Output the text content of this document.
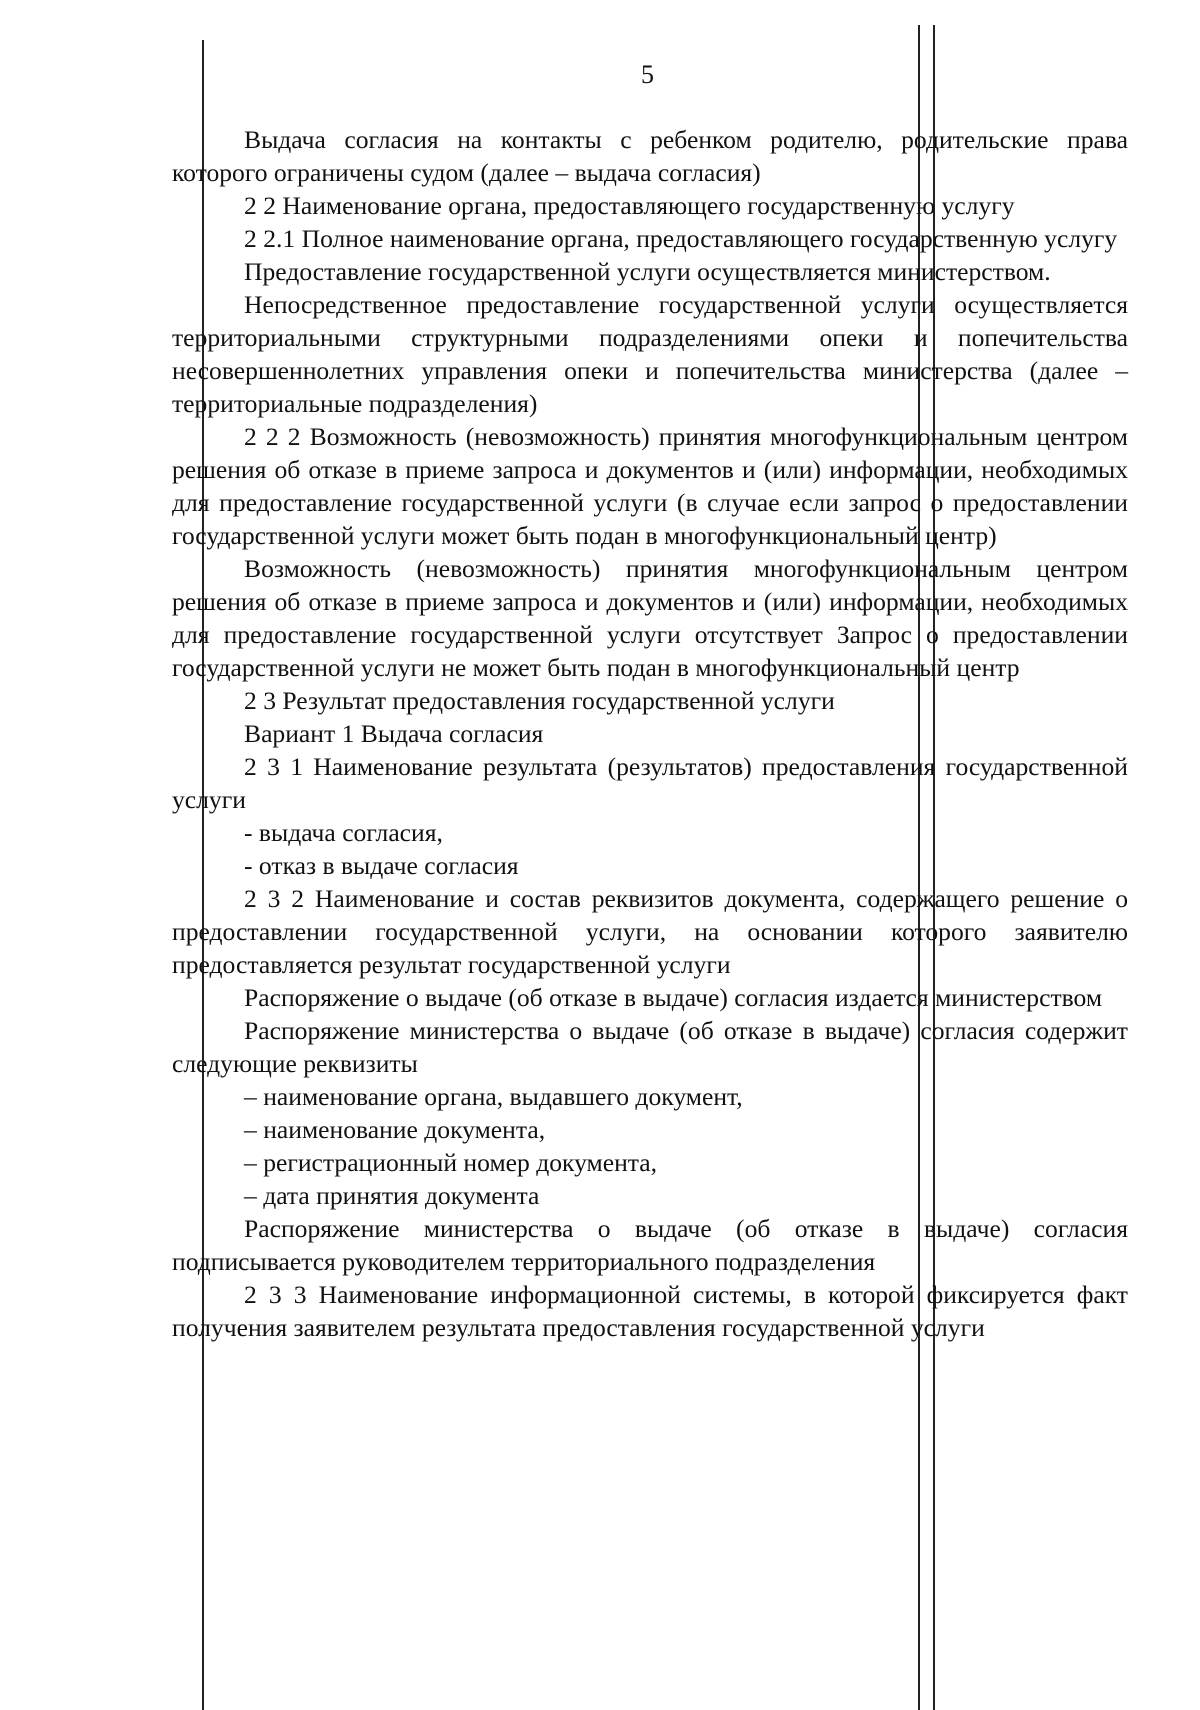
5

Выдача согласия на контакты с ребенком родителю, родительские права которого ограничены судом (далее – выдача согласия)

2 2 Наименование органа, предоставляющего государственную услугу

2 2.1 Полное наименование органа, предоставляющего государственную услугу

Предоставление государственной услуги осуществляется министерством.

Непосредственное предоставление государственной услуги осуществляется территориальными структурными подразделениями опеки и попечительства несовершеннолетних управления опеки и попечительства министерства (далее – территориальные подразделения)

2 2 2 Возможность (невозможность) принятия многофункциональным центром решения об отказе в приеме запроса и документов и (или) информации, необходимых для предоставление государственной услуги (в случае если запрос о предоставлении государственной услуги может быть подан в многофункциональный центр)

Возможность (невозможность) принятия многофункциональным центром решения об отказе в приеме запроса и документов и (или) информации, необходимых для предоставление государственной услуги отсутствует Запрос о предоставлении государственной услуги не может быть подан в многофункциональный центр

2 3 Результат предоставления государственной услуги

Вариант 1 Выдача согласия

2 3 1 Наименование результата (результатов) предоставления государственной услуги

- выдача согласия,

- отказ в выдаче согласия

2 3 2 Наименование и состав реквизитов документа, содержащего решение о предоставлении государственной услуги, на основании которого заявителю предоставляется результат государственной услуги

Распоряжение о выдаче (об отказе в выдаче) согласия издается министерством

Распоряжение министерства о выдаче (об отказе в выдаче) согласия содержит следующие реквизиты

– наименование органа, выдавшего документ,

– наименование документа,

– регистрационный номер документа,

– дата принятия документа

Распоряжение министерства о выдаче (об отказе в выдаче) согласия подписывается руководителем территориального подразделения

2 3 3 Наименование информационной системы, в которой фиксируется факт получения заявителем результата предоставления государственной услуги
